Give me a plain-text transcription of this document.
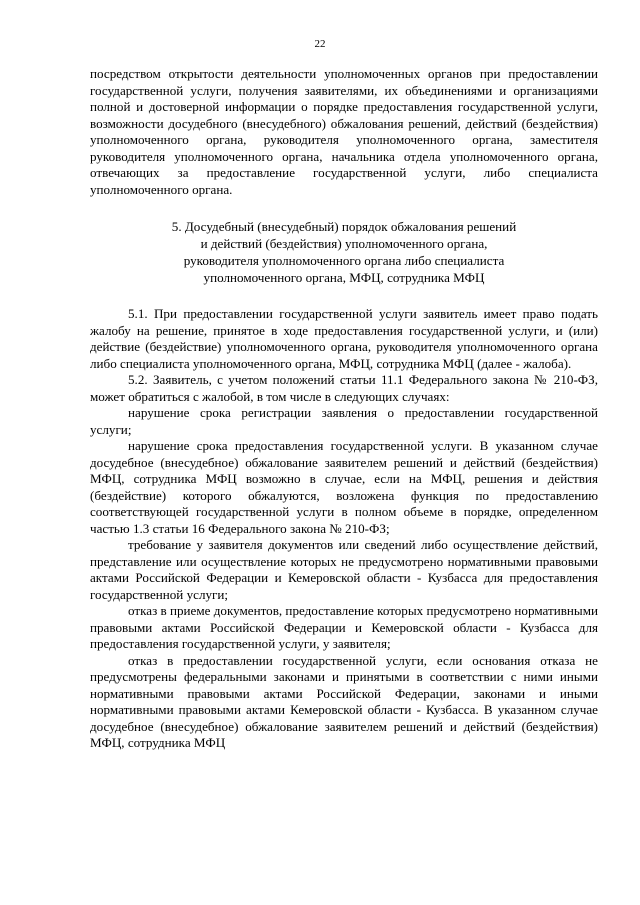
22

посредством открытости деятельности уполномоченных органов при предоставлении государственной услуги, получения заявителями, их объединениями и организациями полной и достоверной информации о порядке предоставления государственной услуги, возможности досудебного (внесудебного) обжалования решений, действий (бездействия) уполномоченного органа, руководителя уполномоченного органа, заместителя руководителя уполномоченного органа, начальника отдела уполномоченного органа, отвечающих за предоставление государственной услуги, либо специалиста уполномоченного органа.

5. Досудебный (внесудебный) порядок обжалования решений
и действий (бездействия) уполномоченного органа,
руководителя уполномоченного органа либо специалиста
уполномоченного органа, МФЦ, сотрудника МФЦ

5.1. При предоставлении государственной услуги заявитель имеет право подать жалобу на решение, принятое в ходе предоставления государственной услуги, и (или) действие (бездействие) уполномоченного органа, руководителя уполномоченного органа либо специалиста уполномоченного органа, МФЦ, сотрудника МФЦ (далее - жалоба).

5.2. Заявитель, с учетом положений статьи 11.1 Федерального закона № 210-ФЗ, может обратиться с жалобой, в том числе в следующих случаях:

нарушение срока регистрации заявления о предоставлении государственной услуги;

нарушение срока предоставления государственной услуги. В указанном случае досудебное (внесудебное) обжалование заявителем решений и действий (бездействия) МФЦ, сотрудника МФЦ возможно в случае, если на МФЦ, решения и действия (бездействие) которого обжалуются, возложена функция по предоставлению соответствующей государственной услуги в полном объеме в порядке, определенном частью 1.3 статьи 16 Федерального закона № 210-ФЗ;

требование у заявителя документов или сведений либо осуществление действий, представление или осуществление которых не предусмотрено нормативными правовыми актами Российской Федерации и Кемеровской области - Кузбасса для предоставления государственной услуги;

отказ в приеме документов, предоставление которых предусмотрено нормативными правовыми актами Российской Федерации и Кемеровской области - Кузбасса для предоставления государственной услуги, у заявителя;

отказ в предоставлении государственной услуги, если основания отказа не предусмотрены федеральными законами и принятыми в соответствии с ними иными нормативными правовыми актами Российской Федерации, законами и иными нормативными правовыми актами Кемеровской области - Кузбасса. В указанном случае досудебное (внесудебное) обжалование заявителем решений и действий (бездействия) МФЦ, сотрудника МФЦ
